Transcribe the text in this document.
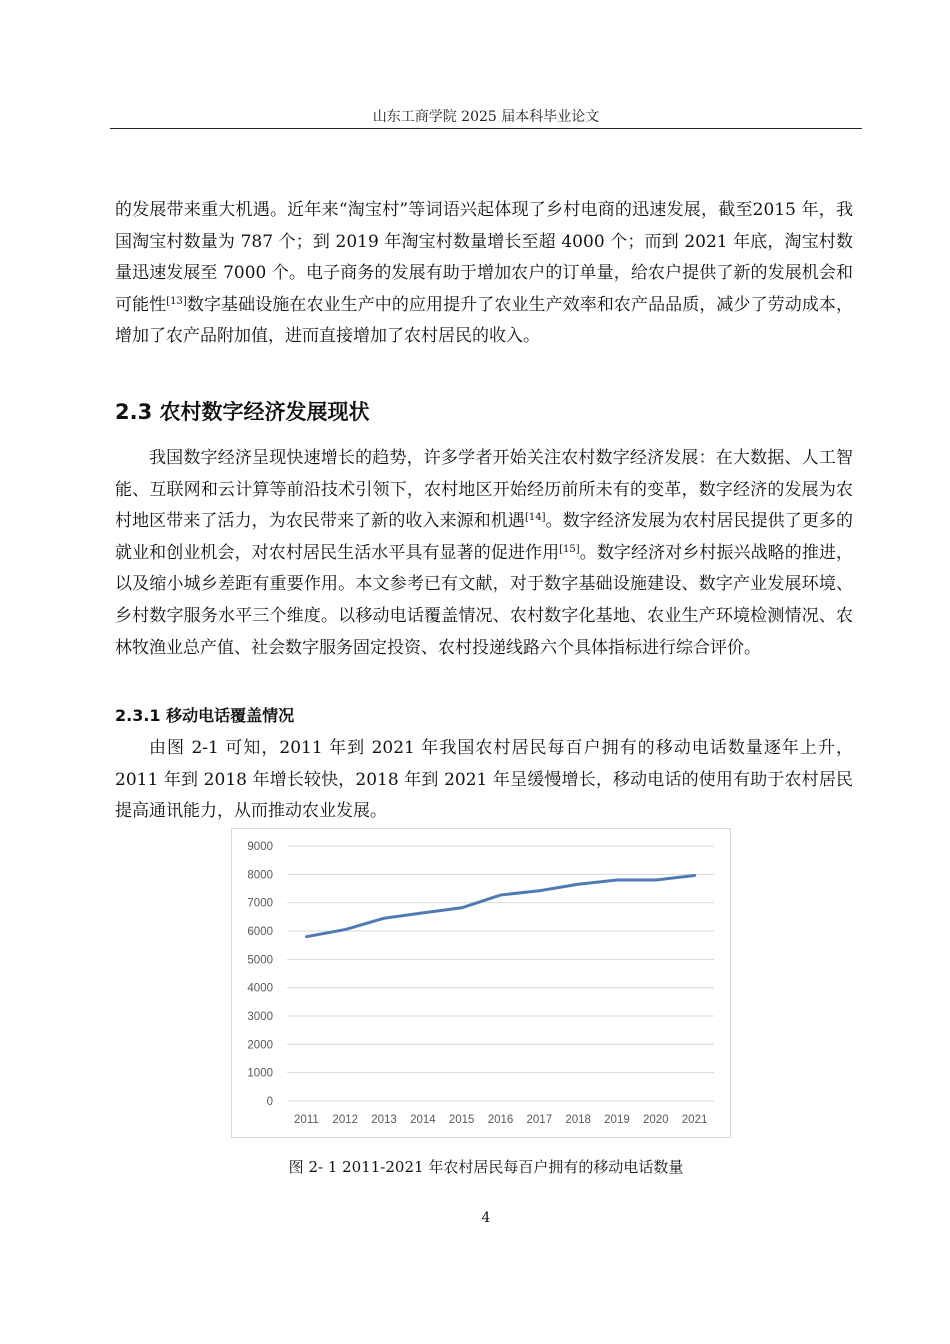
山东工商学院 2025 届本科毕业论文

的发展带来重大机遇。近年来“淘宝村”等词语兴起体现了乡村电商的迅速发展，截至2015 年，我国淘宝村数量为 787 个；到 2019 年淘宝村数量增长至超 4000 个；而到 2021 年底，淘宝村数量迅速发展至 7000 个。电子商务的发展有助于增加农户的订单量，给农户提供了新的发展机会和可能性[13]数字基础设施在农业生产中的应用提升了农业生产效率和农产品品质，减少了劳动成本，增加了农产品附加值，进而直接增加了农村居民的收入。

2.3 农村数字经济发展现状

我国数字经济呈现快速增长的趋势，许多学者开始关注农村数字经济发展：在大数据、人工智能、互联网和云计算等前沿技术引领下，农村地区开始经历前所未有的变革，数字经济的发展为农村地区带来了活力，为农民带来了新的收入来源和机遇[14]。数字经济发展为农村居民提供了更多的就业和创业机会，对农村居民生活水平具有显著的促进作用[15]。数字经济对乡村振兴战略的推进，以及缩小城乡差距有重要作用。本文参考已有文献，对于数字基础设施建设、数字产业发展环境、乡村数字服务水平三个维度。以移动电话覆盖情况、农村数字化基地、农业生产环境检测情况、农林牧渔业总产值、社会数字服务固定投资、农村投递线路六个具体指标进行综合评价。

2.3.1 移动电话覆盖情况

由图 2-1 可知，2011 年到 2021 年我国农村居民每百户拥有的移动电话数量逐年上升，2011 年到 2018 年增长较快，2018 年到 2021 年呈缓慢增长，移动电话的使用有助于农村居民提高通讯能力，从而推动农业发展。

0
1000
2000
3000
4000
5000
6000
7000
8000
9000
2011 2012 2013 2014 2015 2016 2017 2018 2019 2020 2021
图 2- 1 2011-2021 年农村居民每百户拥有的移动电话数量
4
